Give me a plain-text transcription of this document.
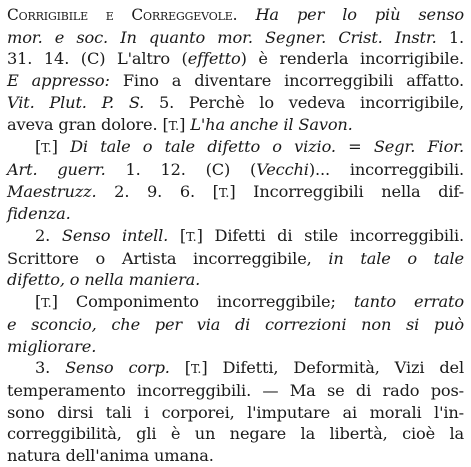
Corrigibile e Correggevole. Ha per lo più senso
mor. e soc. In quanto mor. Segner. Crist. Instr. 1.
31. 14. (C) L'altro (effetto) è renderla incorrigibile.
E appresso: Fino a diventare incorreggibili affatto.
Vit. Plut. P. S. 5. Perchè lo vedeva incorrigibile,
aveva gran dolore. [T.] L'ha anche il Savon.
[T.] Di tale o tale difetto o vizio. = Segr. Fior.
Art. guerr. 1. 12. (C) (Vecchi)... incorreggibili.
Maestruzz. 2. 9. 6. [T.] Incorreggibili nella dif-
fidenza.
2. Senso intell. [T.] Difetti di stile incorreggibili.
Scrittore o Artista incorreggibile, in tale o tale
difetto, o nella maniera.
[T.] Componimento incorreggibile; tanto errato
e sconcio, che per via di correzioni non si può
migliorare.
3. Senso corp. [T.] Difetti, Deformità, Vizi del
temperamento incorreggibili. — Ma se di rado pos-
sono dirsi tali i corporei, l'imputare ai morali l'in-
correggibilità, gli è un negare la libertà, cioè la
natura dell'anima umana.
